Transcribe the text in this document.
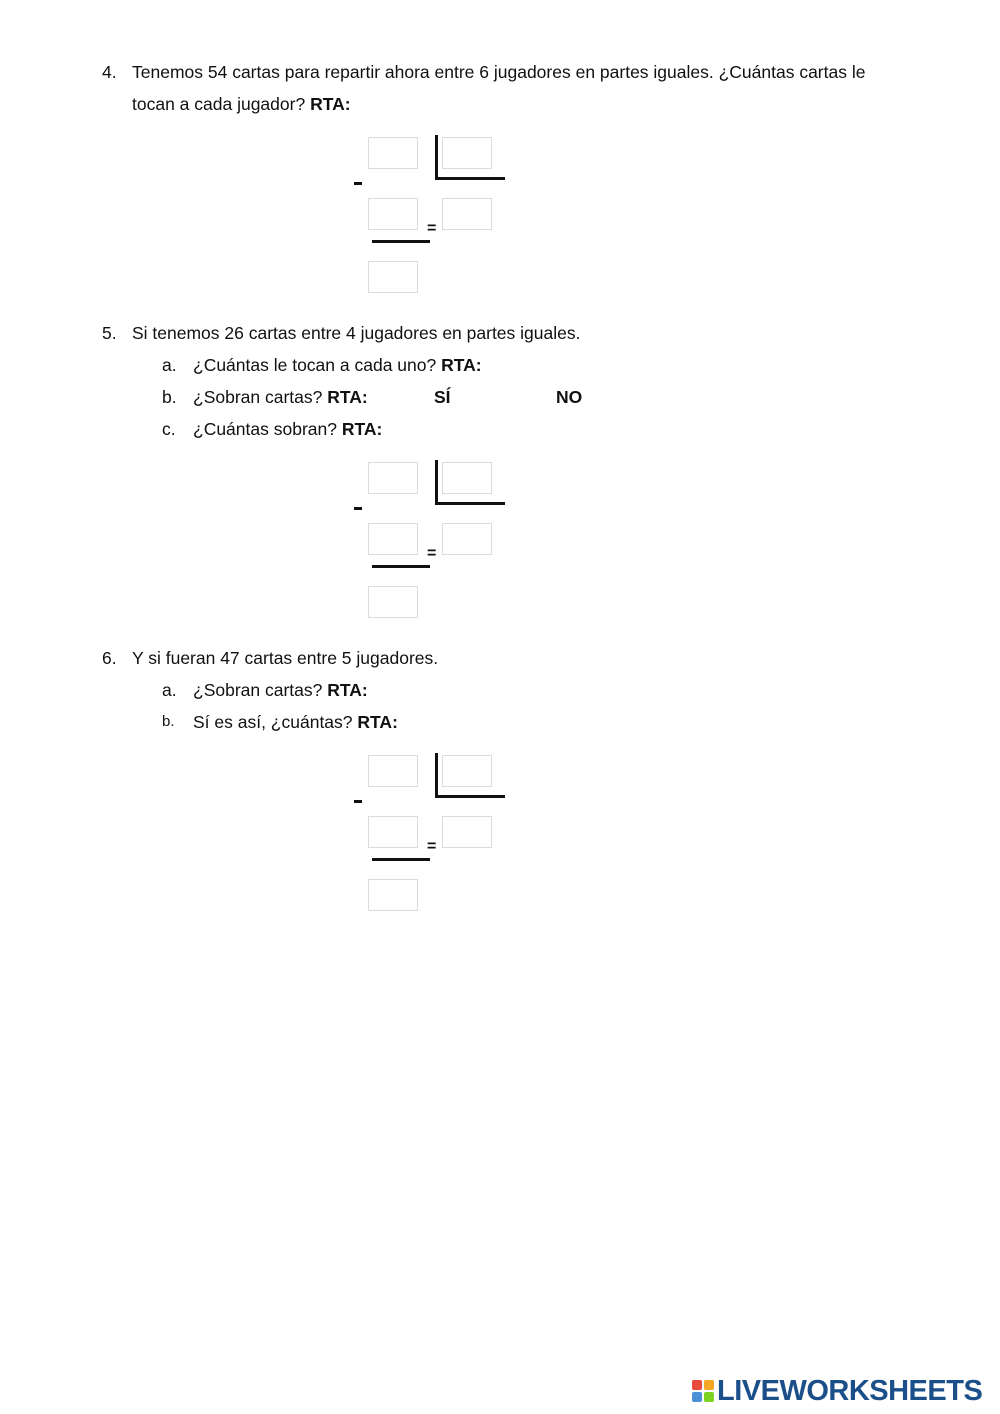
4. Tenemos 54 cartas para repartir ahora entre 6 jugadores en partes iguales. ¿Cuántas cartas le
tocan a cada jugador? RTA:
=
5. Si tenemos 26 cartas entre 4 jugadores en partes iguales.
a. ¿Cuántas le tocan a cada uno? RTA:
b. ¿Sobran cartas? RTA:	SÍ	NO
c. ¿Cuántas sobran? RTA:
=
6. Y si fueran 47 cartas entre 5 jugadores.
a. ¿Sobran cartas? RTA:
b. Sí es así, ¿cuántas? RTA:
=
LIVEWORKSHEETS
